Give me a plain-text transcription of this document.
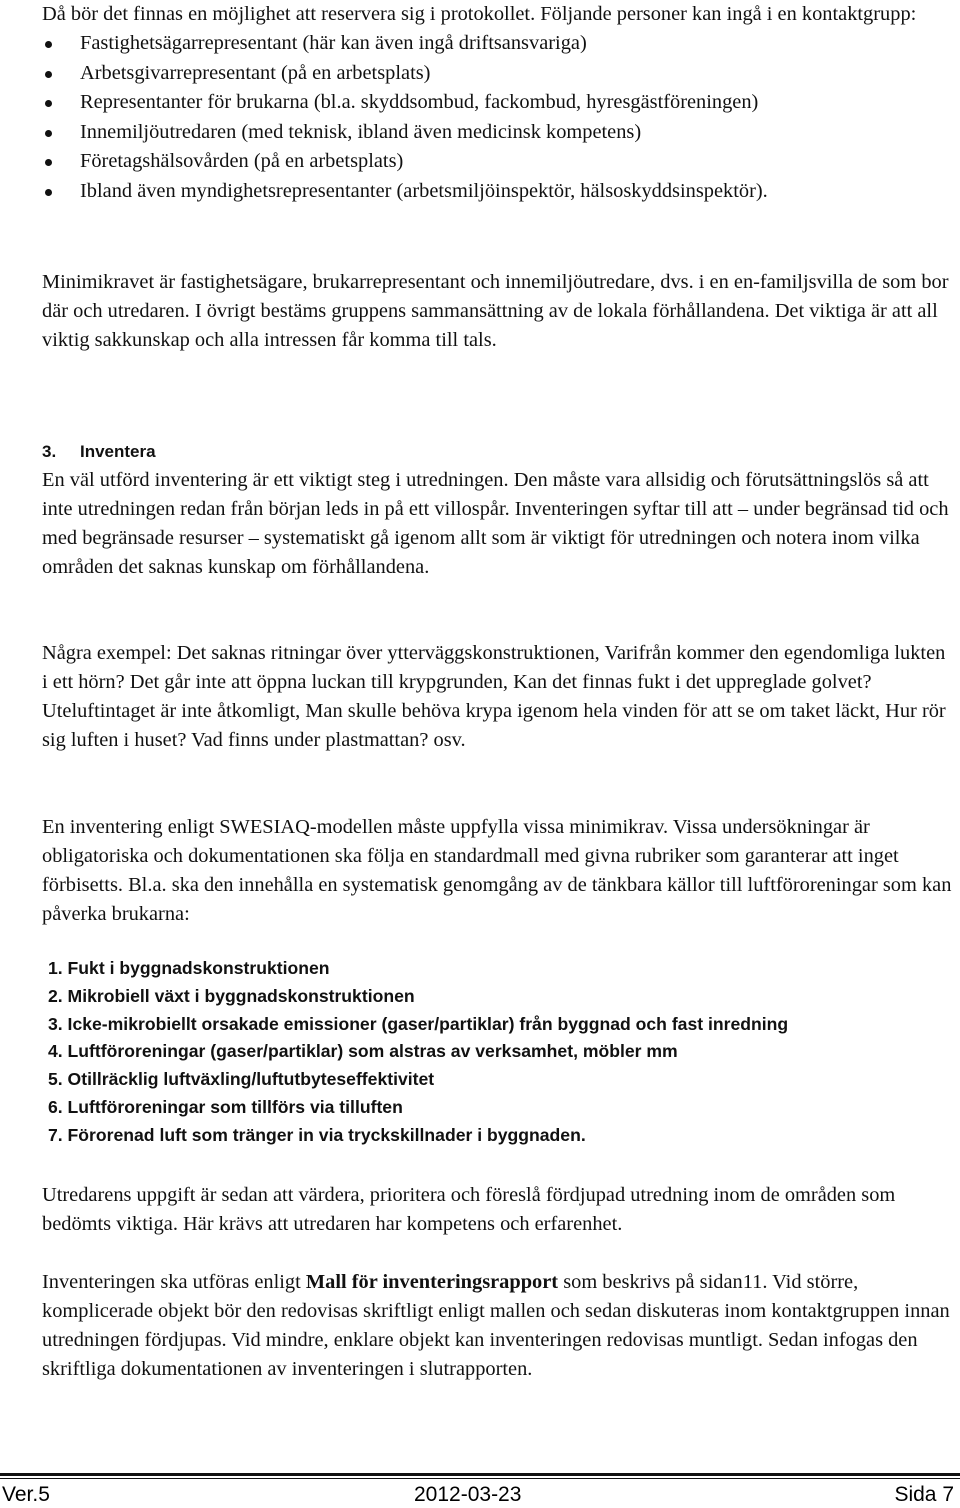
Då bör det finnas en möjlighet att reservera sig i protokollet. Följande personer kan ingå i en kontaktgrupp:

Fastighetsägarrepresentant (här kan även ingå driftsansvariga)
Arbetsgivarrepresentant (på en arbetsplats)
Representanter för brukarna (bl.a. skyddsombud, fackombud, hyresgästföreningen)
Innemiljöutredaren (med teknisk, ibland även medicinsk kompetens)
Företagshälsovården (på en arbetsplats)
Ibland även myndighetsrepresentanter (arbetsmiljöinspektör, hälsoskyddsinspektör).

Minimikravet är fastighetsägare, brukarrepresentant och innemiljöutredare, dvs. i en en-familjsvilla de som bor där och utredaren. I övrigt bestäms gruppens sammansättning av de lokala förhållandena. Det viktiga är att all viktig sakkunskap och alla intressen får komma till tals.

3. Inventera

En väl utförd inventering är ett viktigt steg i utredningen. Den måste vara allsidig och förutsättningslös så att inte utredningen redan från början leds in på ett villospår. Inventeringen syftar till att – under begränsad tid och med begränsade resurser – systematiskt gå igenom allt som är viktigt för utredningen och notera inom vilka områden det saknas kunskap om förhållandena.

Några exempel: Det saknas ritningar över ytterväggskonstruktionen, Varifrån kommer den egendomliga lukten i ett hörn? Det går inte att öppna luckan till krypgrunden, Kan det finnas fukt i det uppreglade golvet? Uteluftintaget är inte åtkomligt, Man skulle behöva krypa igenom hela vinden för att se om taket läckt, Hur rör sig luften i huset? Vad finns under plastmattan? osv.

En inventering enligt SWESIAQ-modellen måste uppfylla vissa minimikrav. Vissa undersökningar är obligatoriska och dokumentationen ska följa en standardmall med givna rubriker som garanterar att inget förbisetts. Bl.a. ska den innehålla en systematisk genomgång av de tänkbara källor till luftföroreningar som kan påverka brukarna:

1. Fukt i byggnadskonstruktionen
2. Mikrobiell växt i byggnadskonstruktionen
3. Icke-mikrobiellt orsakade emissioner (gaser/partiklar) från byggnad och fast inredning
4. Luftföroreningar (gaser/partiklar) som alstras av verksamhet, möbler mm
5. Otillräcklig luftväxling/luftutbyteseffektivitet
6. Luftföroreningar som tillförs via tilluften
7. Förorenad luft som tränger in via tryckskillnader i byggnaden.

Utredarens uppgift är sedan att värdera, prioritera och föreslå fördjupad utredning inom de områden som bedömts viktiga. Här krävs att utredaren har kompetens och erfarenhet.

Inventeringen ska utföras enligt Mall för inventeringsrapport som beskrivs på sidan11. Vid större, komplicerade objekt bör den redovisas skriftligt enligt mallen och sedan diskuteras inom kontaktgruppen innan utredningen fördjupas. Vid mindre, enklare objekt kan inventeringen redovisas muntligt. Sedan infogas den skriftliga dokumentationen av inventeringen i slutrapporten.

Ver.5	2012-03-23	Sida 7
